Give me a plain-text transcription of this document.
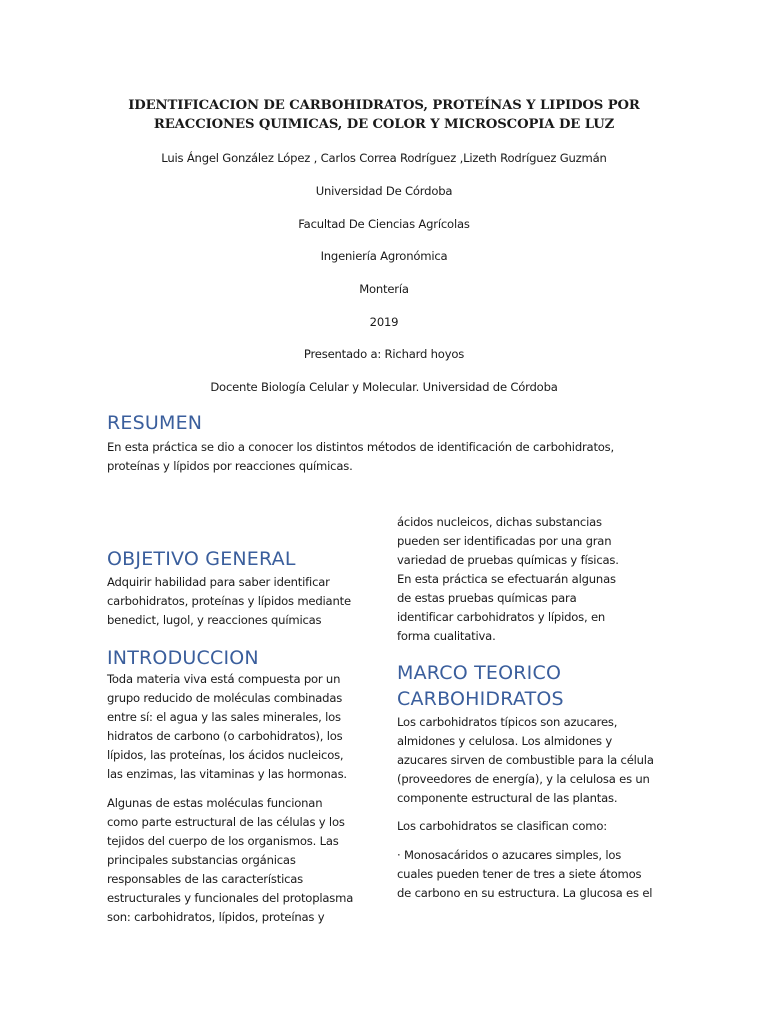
IDENTIFICACION DE CARBOHIDRATOS, PROTEÍNAS Y LIPIDOS POR
REACCIONES QUIMICAS, DE COLOR Y MICROSCOPIA DE LUZ
Luis Ángel González López , Carlos Correa Rodríguez ,Lizeth Rodríguez Guzmán
Universidad De Córdoba
Facultad De Ciencias Agrícolas
Ingeniería Agronómica
Montería
2019
Presentado a: Richard hoyos
Docente Biología Celular y Molecular. Universidad de Córdoba
RESUMEN
En esta práctica se dio a conocer los distintos métodos de identificación de carbohidratos,
proteínas y lípidos por reacciones químicas.
OBJETIVO GENERAL
Adquirir habilidad para saber identificar
carbohidratos, proteínas y lípidos mediante
benedict, lugol, y reacciones químicas
INTRODUCCION
Toda materia viva está compuesta por un
grupo reducido de moléculas combinadas
entre sí: el agua y las sales minerales, los
hidratos de carbono (o carbohidratos), los
lípidos, las proteínas, los ácidos nucleicos,
las enzimas, las vitaminas y las hormonas.
Algunas de estas moléculas funcionan
como parte estructural de las células y los
tejidos del cuerpo de los organismos. Las
principales substancias orgánicas
responsables de las características
estructurales y funcionales del protoplasma
son: carbohidratos, lípidos, proteínas y
ácidos nucleicos, dichas substancias
pueden ser identificadas por una gran
variedad de pruebas químicas y físicas.
En esta práctica se efectuarán algunas
de estas pruebas químicas para
identificar carbohidratos y lípidos, en
forma cualitativa.
MARCO TEORICO
CARBOHIDRATOS
Los carbohidratos típicos son azucares,
almidones y celulosa. Los almidones y
azucares sirven de combustible para la célula
(proveedores de energía), y la celulosa es un
componente estructural de las plantas.
Los carbohidratos se clasifican como:
· Monosacáridos o azucares simples, los
cuales pueden tener de tres a siete átomos
de carbono en su estructura. La glucosa es el
